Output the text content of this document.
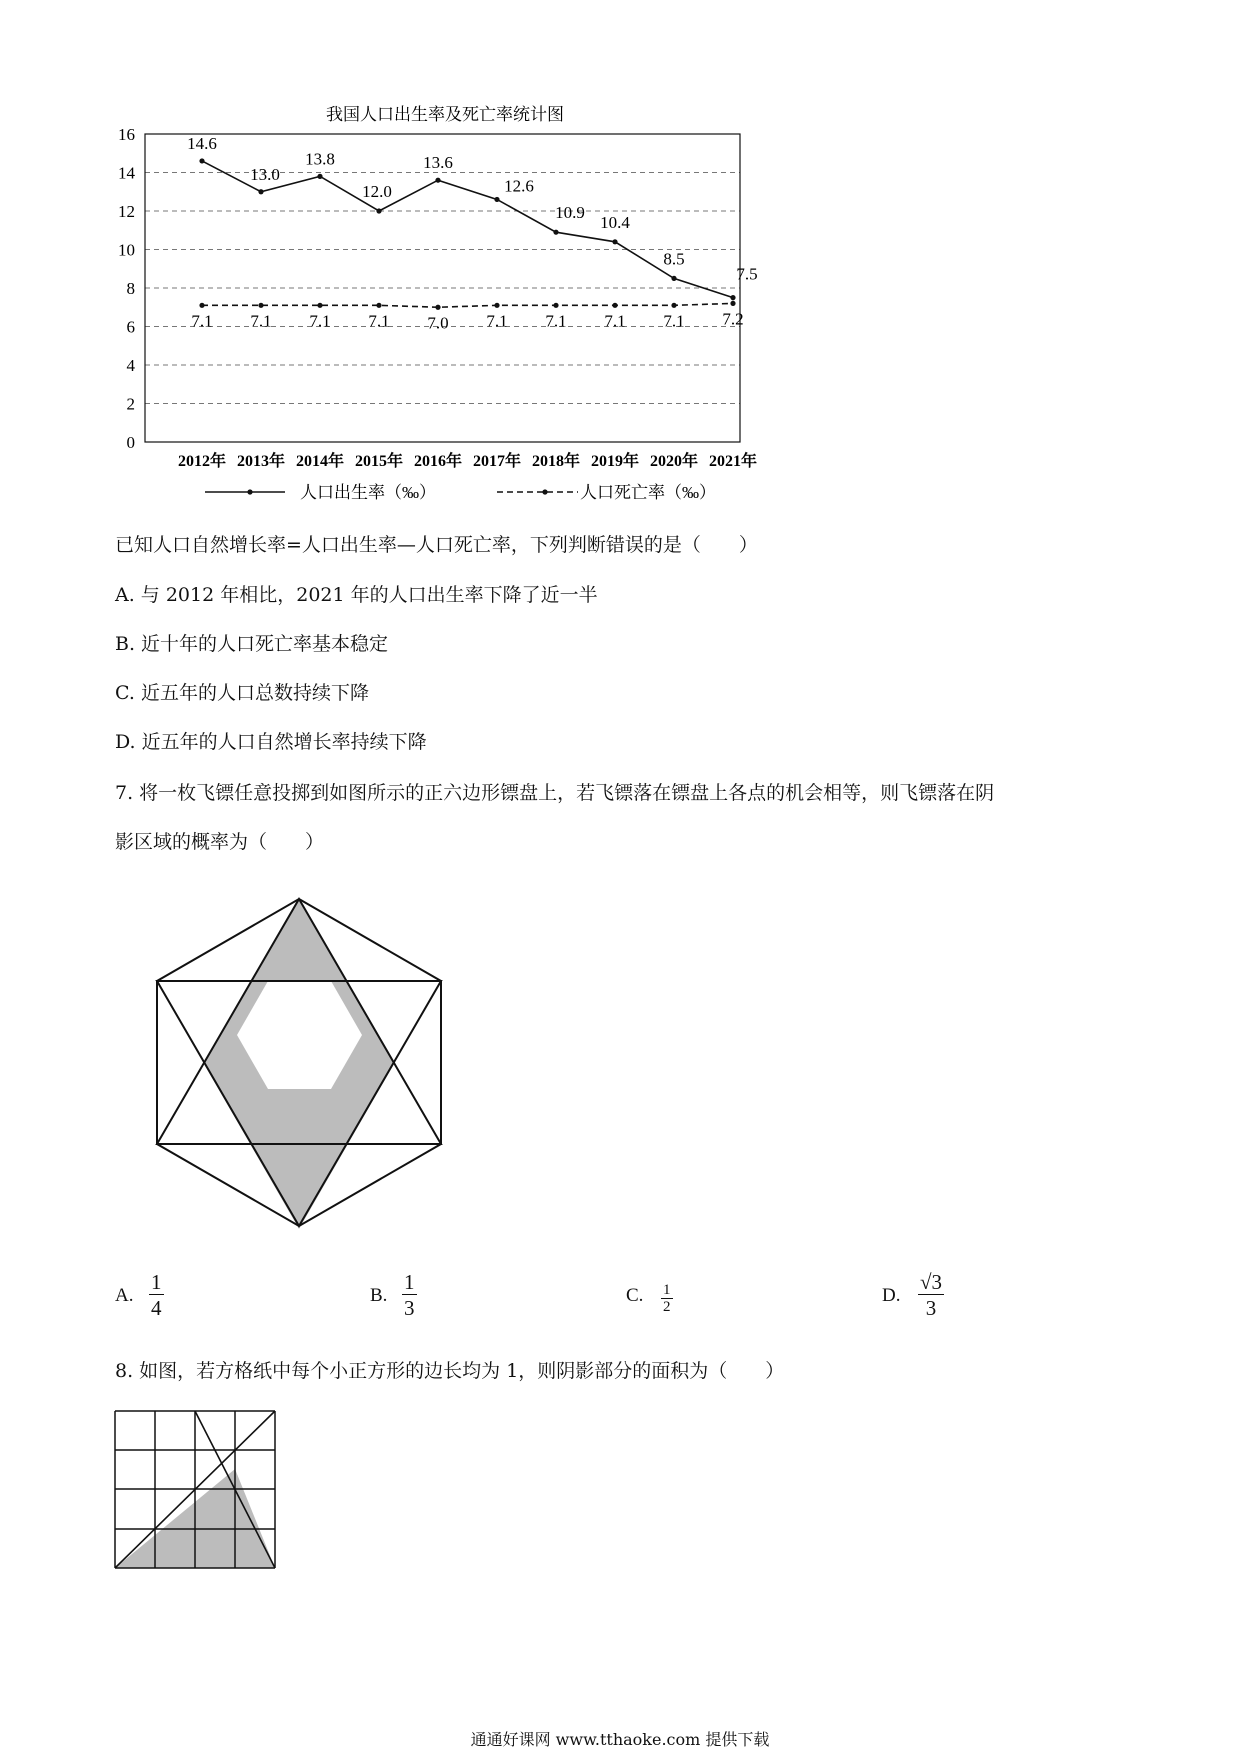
我国人口出生率及死亡率统计图
0
2
4
6
8
10
12
14
16
2012年 2013年 2014年 2015年 2016年 2017年 2018年 2019年 2020年 2021年
14.6
13.0
13.8
12.0
13.6
12.6
10.9
10.4
8.5
7.5
7.1 7.1 7.1 7.1 7.0 7.1 7.1 7.1 7.1 7.2
人口出生率（‰）	人口死亡率（‰）
已知人口自然增长率=人口出生率—人口死亡率，下列判断错误的是（　　）
A. 与 2012 年相比，2021 年的人口出生率下降了近一半
B. 近十年的人口死亡率基本稳定
C. 近五年的人口总数持续下降
D. 近五年的人口自然增长率持续下降
7. 将一枚飞镖任意投掷到如图所示的正六边形镖盘上，若飞镖落在镖盘上各点的机会相等，则飞镖落在阴
影区域的概率为（　　）
A. $\frac{1}{4}$	B. $\frac{1}{3}$	C. $\frac{1}{2}$	D. $\frac{√3}{3}$
8. 如图，若方格纸中每个小正方形的边长均为 1，则阴影部分的面积为（　　）
通通好课网 www.tthaoke.com 提供下载
